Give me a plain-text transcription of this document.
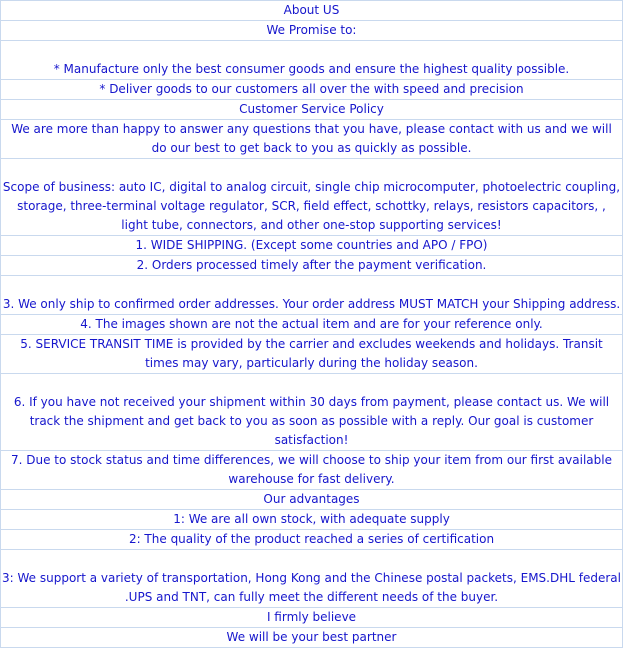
About US
We Promise to:

* Manufacture only the best consumer goods and ensure the highest quality possible.

* Deliver goods to our customers all over the with speed and precision
Customer Service Policy
We are more than happy to answer any questions that you have, please contact with us and we will do our best to get back to you as quickly as possible.

Scope of business: auto IC, digital to analog circuit, single chip microcomputer, photoelectric coupling, storage, three-terminal voltage regulator, SCR, field effect, schottky, relays, resistors capacitors, , light tube, connectors, and other one-stop supporting services!

1. WIDE SHIPPING. (Except some countries and APO / FPO)
2. Orders processed timely after the payment verification.

3. We only ship to confirmed order addresses. Your order address MUST MATCH your Shipping address.

4. The images shown are not the actual item and are for your reference only.
5. SERVICE TRANSIT TIME is provided by the carrier and excludes weekends and holidays. Transit times may vary, particularly during the holiday season.

6. If you have not received your shipment within 30 days from payment, please contact us. We will track the shipment and get back to you as soon as possible with a reply. Our goal is customer satisfaction!

7. Due to stock status and time differences, we will choose to ship your item from our first available warehouse for fast delivery.
Our advantages
1: We are all own stock, with adequate supply
2: The quality of the product reached a series of certification

3: We support a variety of transportation, Hong Kong and the Chinese postal packets, EMS.DHL federal .UPS and TNT, can fully meet the different needs of the buyer.

I firmly believe
We will be your best partner
